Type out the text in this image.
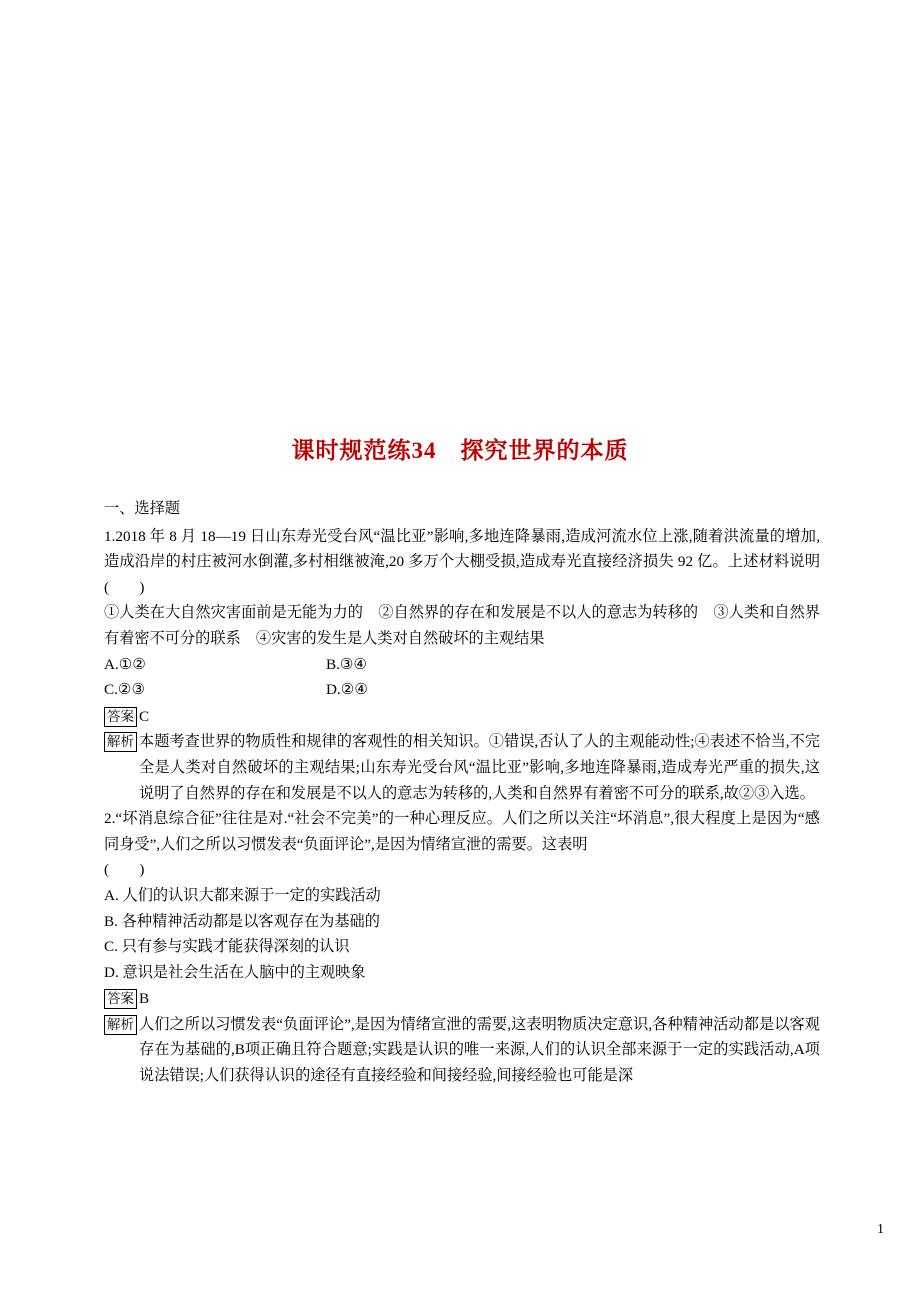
课时规范练34　探究世界的本质

一、选择题

1.2018 年 8 月 18—19 日山东寿光受台风“温比亚”影响,多地连降暴雨,造成河流水位上涨,随着洪流量的增加,造成沿岸的村庄被河水倒灌,多村相继被淹,20 多万个大棚受损,造成寿光直接经济损失 92 亿。上述材料说明(　　)

①人类在大自然灾害面前是无能为力的　②自然界的存在和发展是不以人的意志为转移的　③人类和自然界有着密不可分的联系　④灾害的发生是人类对自然破坏的主观结果

A.①②	B.③④
C.②③	D.②④
答案 C
解析 本题考查世界的物质性和规律的客观性的相关知识。①错误,否认了人的主观能动性;④表述不恰当,不完全是人类对自然破坏的主观结果;山东寿光受台风“温比亚”影响,多地连降暴雨,造成寿光严重的损失,这说明了自然界的存在和发展是不以人的意志为转移的,人类和自然界有着密不可分的联系,故②③入选。

2.“坏消息综合征”往往是对.“社会不完美”的一种心理反应。人们之所以关注“坏消息”,很大程度上是因为“感同身受”,人们之所以习惯发表“负面评论”,是因为情绪宣泄的需要。这表明

(　　)

A. 人们的认识大都来源于一定的实践活动

B. 各种精神活动都是以客观存在为基础的

C. 只有参与实践才能获得深刻的认识

D. 意识是社会生活在人脑中的主观映象

答案 B
解析 人们之所以习惯发表“负面评论”,是因为情绪宣泄的需要,这表明物质决定意识,各种精神活动都是以客观存在为基础的,B项正确且符合题意;实践是认识的唯一来源,人们的认识全部来源于一定的实践活动,A项说法错误;人们获得认识的途径有直接经验和间接经验,间接经验也可能是深
1
